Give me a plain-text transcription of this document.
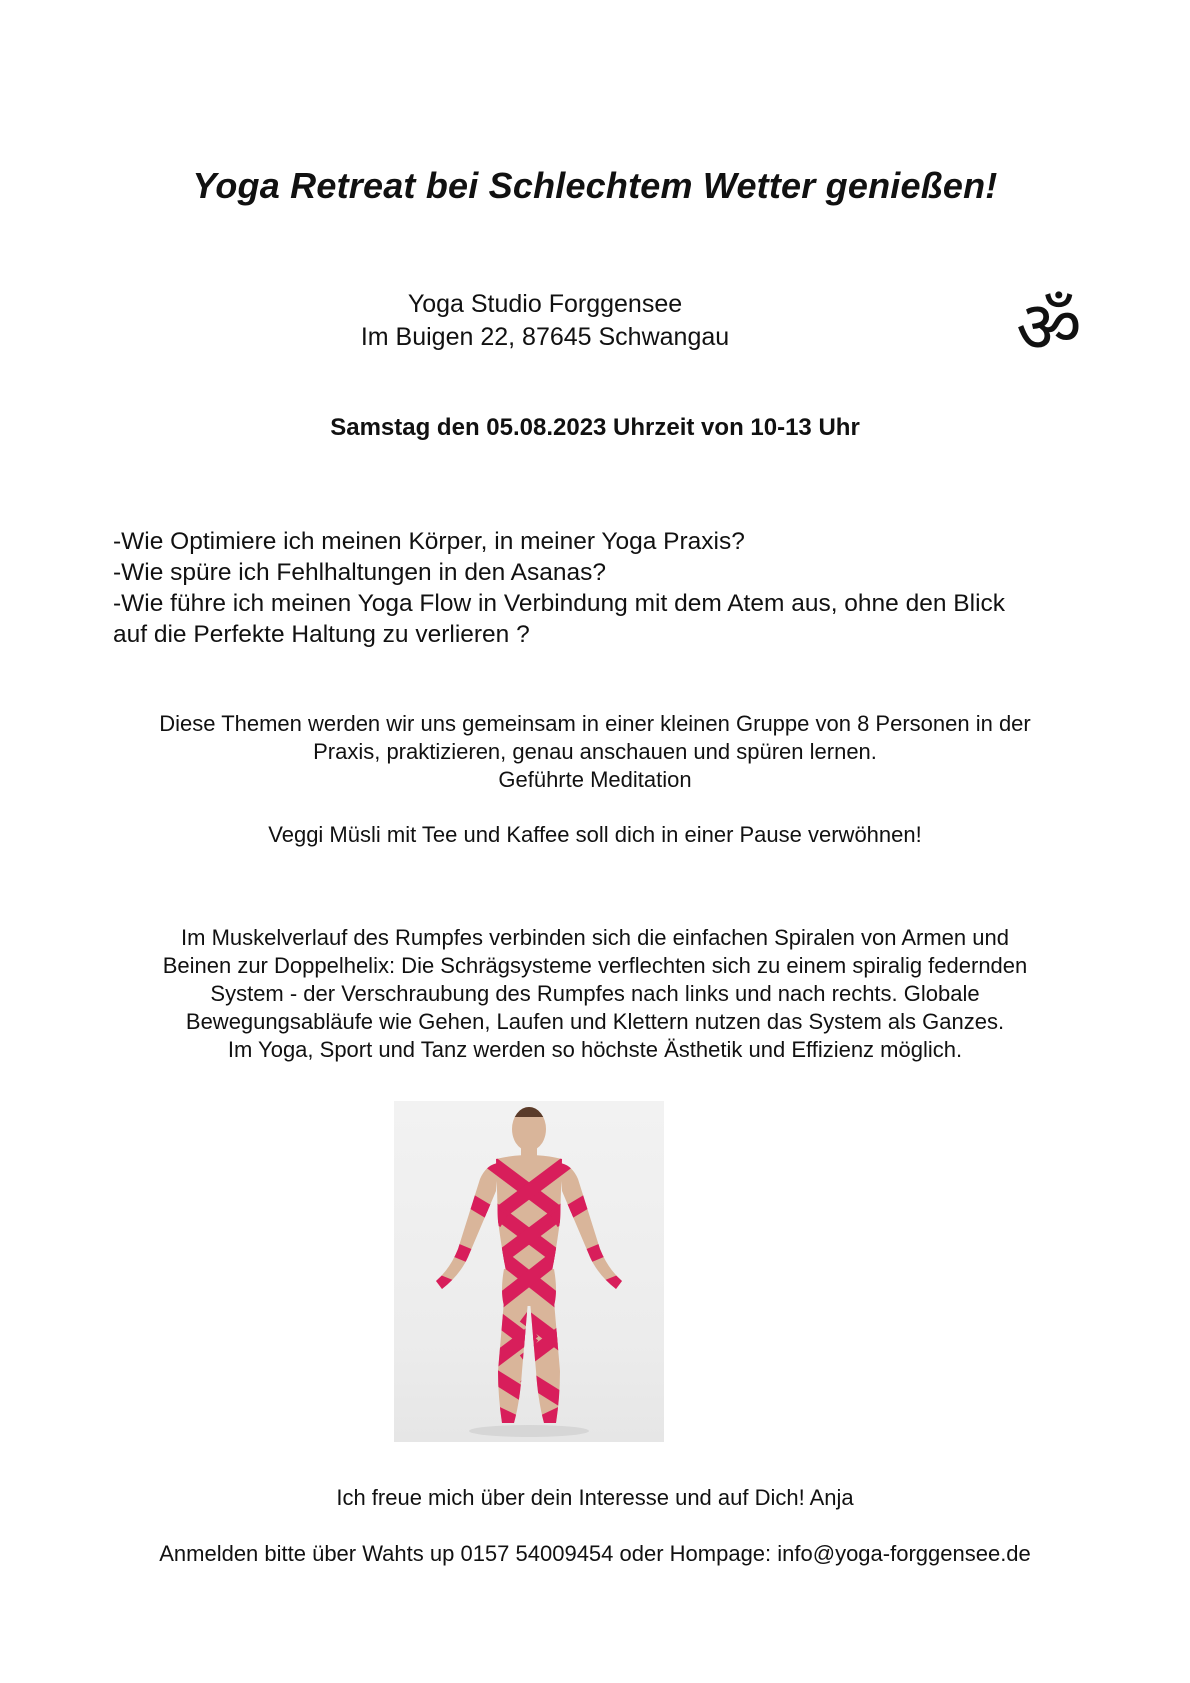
Yoga Retreat bei Schlechtem Wetter genießen!
Yoga Studio Forggensee
Im Buigen 22, 87645 Schwangau	ॐ
Samstag den 05.08.2023 Uhrzeit von 10-13 Uhr
-Wie Optimiere ich meinen Körper, in meiner Yoga Praxis?
-Wie spüre ich Fehlhaltungen in den Asanas?
-Wie führe ich meinen Yoga Flow in Verbindung mit dem Atem aus, ohne den Blick
auf die Perfekte Haltung zu verlieren ?
Diese Themen werden wir uns gemeinsam in einer kleinen Gruppe von 8 Personen in der
Praxis, praktizieren, genau anschauen und spüren lernen.
Geführte Meditation
Veggi Müsli mit Tee und Kaffee soll dich in einer Pause verwöhnen!
Im Muskelverlauf des Rumpfes verbinden sich die einfachen Spiralen von Armen und
Beinen zur Doppelhelix: Die Schrägsysteme verflechten sich zu einem spiralig federnden
System - der Verschraubung des Rumpfes nach links und nach rechts. Globale
Bewegungsabläufe wie Gehen, Laufen und Klettern nutzen das System als Ganzes.
Im Yoga, Sport und Tanz werden so höchste Ästhetik und Effizienz möglich.
Ich freue mich über dein Interesse und auf Dich! Anja
Anmelden bitte über Wahts up 0157 54009454 oder Hompage: info@yoga-forggensee.de
